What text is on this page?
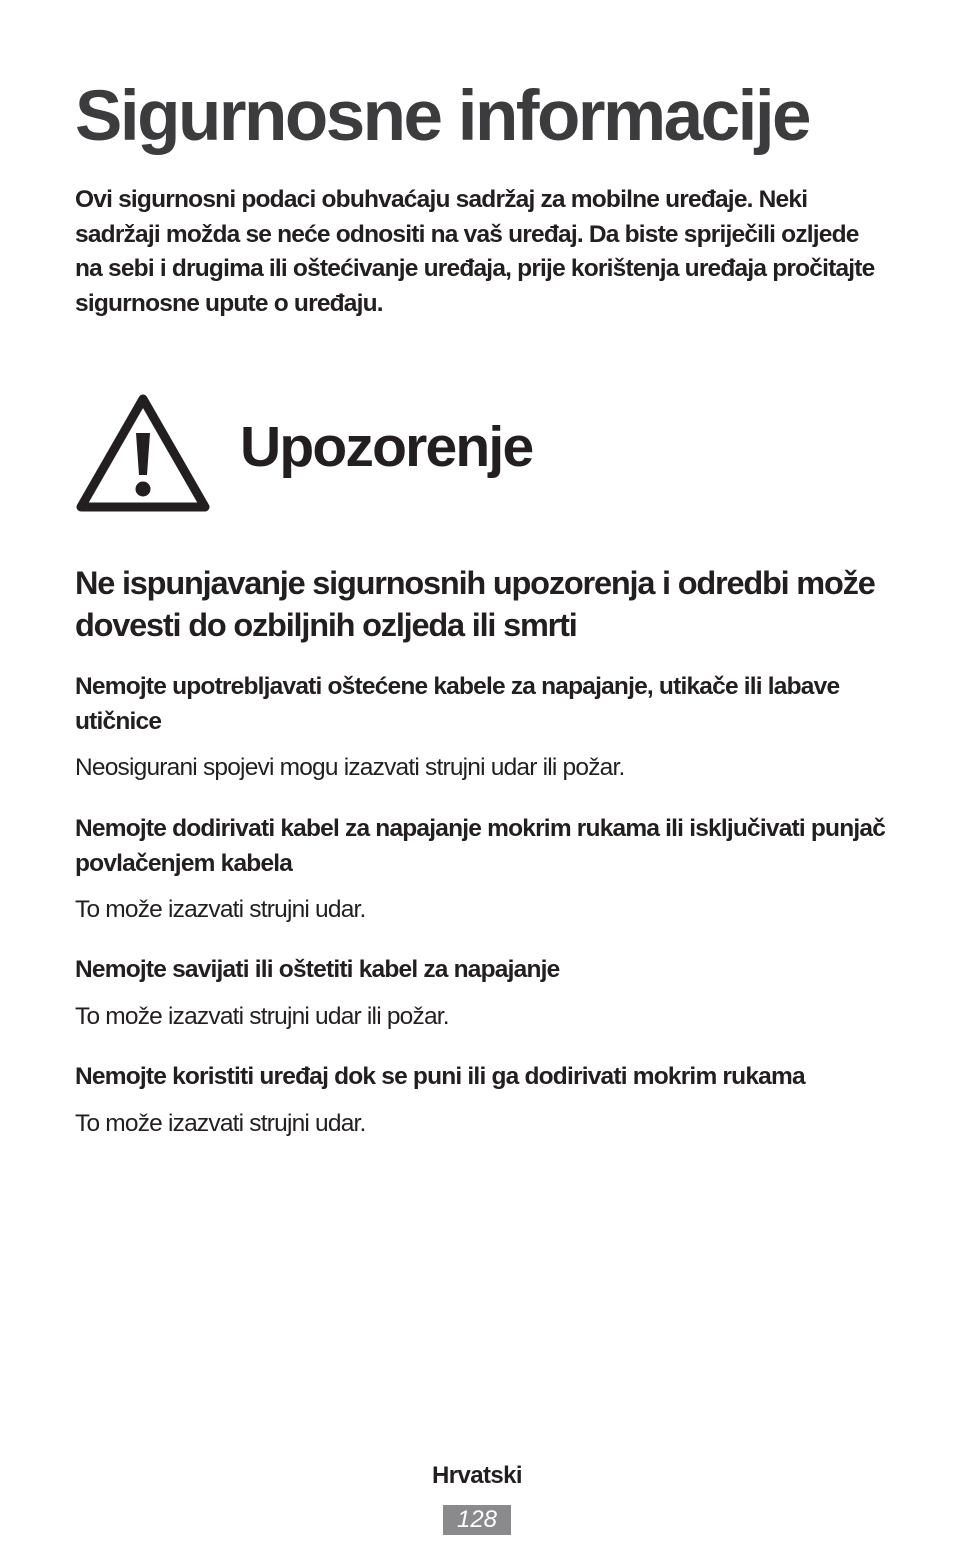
Sigurnosne informacije

Ovi sigurnosni podaci obuhvaćaju sadržaj za mobilne uređaje. Neki sadržaji možda se neće odnositi na vaš uređaj. Da biste spriječili ozljede na sebi i drugima ili oštećivanje uređaja, prije korištenja uređaja pročitajte sigurnosne upute o uređaju.

Upozorenje
Ne ispunjavanje sigurnosnih upozorenja i odredbi može dovesti do ozbiljnih ozljeda ili smrti

Nemojte upotrebljavati oštećene kabele za napajanje, utikače ili labave utičnice

Neosigurani spojevi mogu izazvati strujni udar ili požar.

Nemojte dodirivati kabel za napajanje mokrim rukama ili isključivati punjač povlačenjem kabela

To može izazvati strujni udar.

Nemojte savijati ili oštetiti kabel za napajanje

To može izazvati strujni udar ili požar.

Nemojte koristiti uređaj dok se puni ili ga dodirivati mokrim rukama

To može izazvati strujni udar.

Hrvatski

128
